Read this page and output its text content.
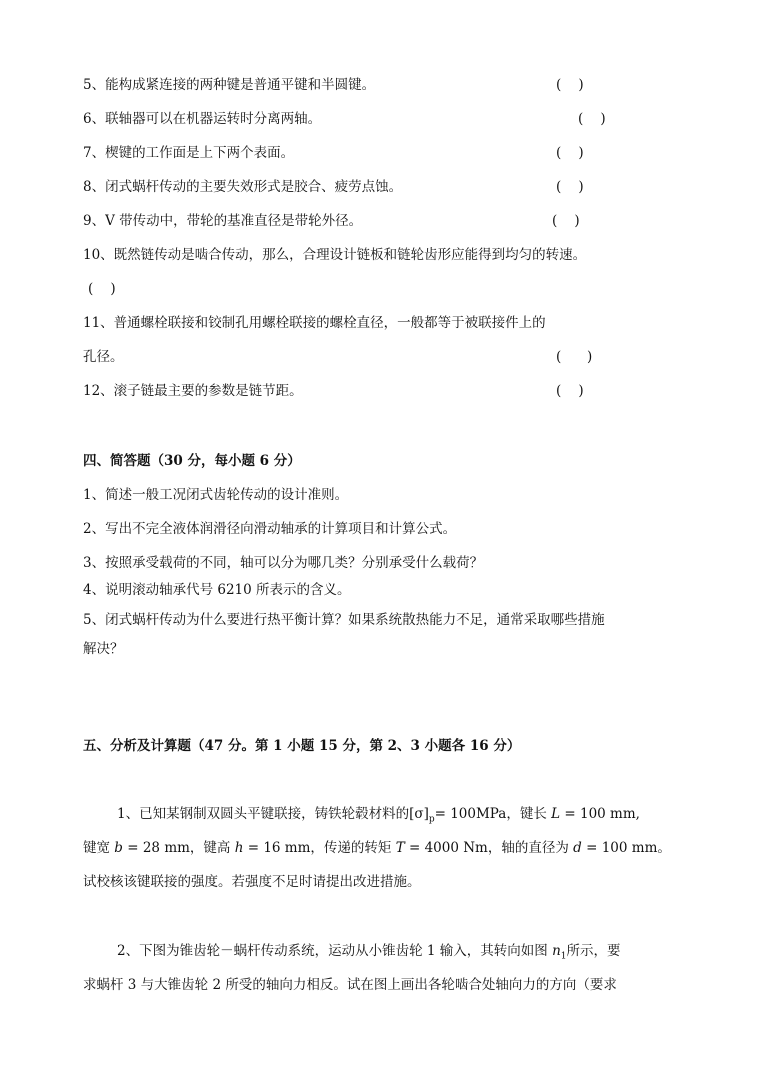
5、能构成紧连接的两种键是普通平键和半圆键。	(    )
6、联轴器可以在机器运转时分离两轴。	(    )
7、楔键的工作面是上下两个表面。	(    )
8、闭式蜗杆传动的主要失效形式是胶合、疲劳点蚀。	(    )
9、V 带传动中，带轮的基准直径是带轮外径。	(    )
10、既然链传动是啮合传动，那么，合理设计链板和链轮齿形应能得到均匀的转速。
(    )
11、普通螺栓联接和铰制孔用螺栓联接的螺栓直径，一般都等于被联接件上的
孔径。	(      )
12、滚子链最主要的参数是链节距。	(    )
四、简答题（30 分，每小题 6 分）
1、简述一般工况闭式齿轮传动的设计准则。
2、写出不完全液体润滑径向滑动轴承的计算项目和计算公式。
3、按照承受载荷的不同，轴可以分为哪几类？分别承受什么载荷？
4、说明滚动轴承代号 6210 所表示的含义。
5、闭式蜗杆传动为什么要进行热平衡计算？如果系统散热能力不足，通常采取哪些措施
解决？
五、分析及计算题（47 分。第 1 小题 15 分，第 2、3 小题各 16 分）
1、已知某钢制双圆头平键联接，铸铁轮毂材料的$[\sigma]_p= 100MPa$，键长 L = 100 mm,
键宽 b = 28 mm，键高 h = 16 mm，传递的转矩 T = 4000 Nm，轴的直径为 d = 100 mm。
试校核该键联接的强度。若强度不足时请提出改进措施。
2、下图为锥齿轮－蜗杆传动系统，运动从小锥齿轮 1 输入，其转向如图 $n_1$所示，要
求蜗杆 3 与大锥齿轮 2 所受的轴向力相反。试在图上画出各轮啮合处轴向力的方向（要求
